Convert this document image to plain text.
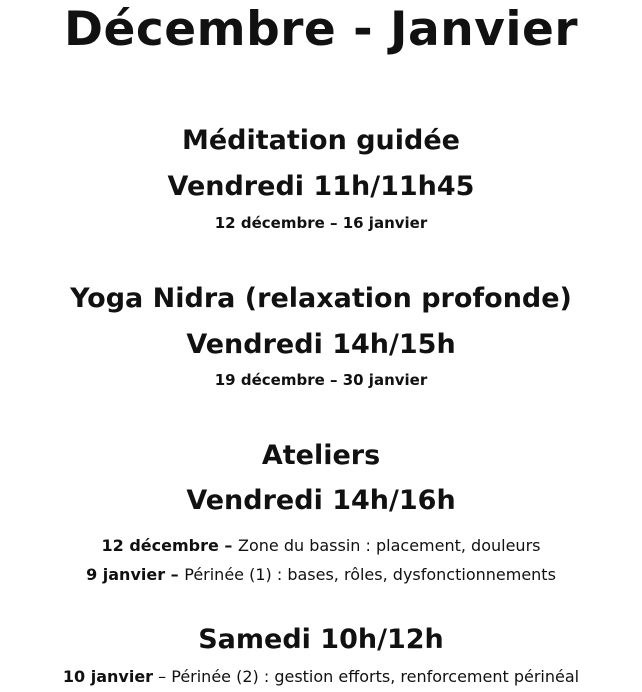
Décembre - Janvier
Méditation guidée
Vendredi 11h/11h45
12 décembre – 16 janvier
Yoga Nidra (relaxation profonde)
Vendredi 14h/15h
19 décembre – 30 janvier
Ateliers
Vendredi 14h/16h
12 décembre – Zone du bassin : placement, douleurs
9 janvier – Périnée (1) : bases, rôles, dysfonctionnements
Samedi 10h/12h
10 janvier – Périnée (2) : gestion efforts, renforcement périnéal
